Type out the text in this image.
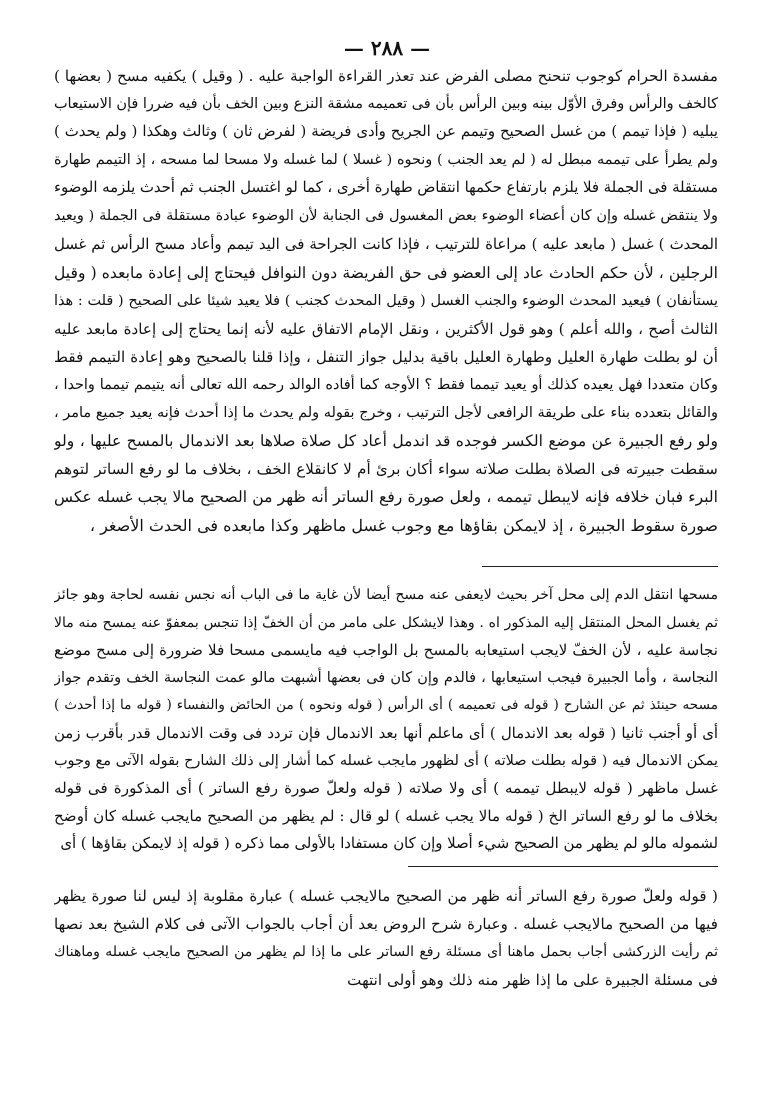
— ٢٨٨ —
مفسدة الحرام كوجوب تنحنح مصلى الفرض عند تعذر القراءة الواجبة عليه . ( وقيل ) يكفيه مسح ( بعضها )
كالخف والرأس وفرق الأوّل بينه وبين الرأس بأن فى تعميمه مشقة النزع وبين الخف بأن فيه ضررا فإن الاستيعاب
يبليه ( فإذا تيمم ) من غسل الصحيح وتيمم عن الجريح وأدى فريضة ( لفرض ثان ) وثالث وهكذا ( ولم يحدث )
ولم يطرأ على تيممه مبطل له ( لم يعد الجنب ) ونحوه ( غسلا ) لما غسله ولا مسحا لما مسحه ، إذ التيمم طهارة
مستقلة فى الجملة فلا يلزم بارتفاع حكمها انتقاض طهارة أخرى ، كما لو اغتسل الجنب ثم أحدث يلزمه الوضوء
ولا ينتقض غسله وإن كان أعضاء الوضوء بعض المغسول فى الجنابة لأن الوضوء عبادة مستقلة فى الجملة ( ويعيد
المحدث ) غسل ( مابعد عليه ) مراعاة للترتيب ، فإذا كانت الجراحة فى اليد تيمم وأعاد مسح الرأس ثم غسل
الرجلين ، لأن حكم الحادث عاد إلى العضو فى حق الفريضة دون النوافل فيحتاج إلى إعادة مابعده ( وقيل
يستأنفان ) فيعيد المحدث الوضوء والجنب الغسل ( وقيل المحدث كجنب ) فلا يعيد شيئا على الصحيح ( قلت : هذا
الثالث أصح ، والله أعلم ) وهو قول الأكثرين ، ونقل الإمام الاتفاق عليه لأنه إنما يحتاج إلى إعادة مابعد عليه
أن لو بطلت طهارة العليل وطهارة العليل باقية بدليل جواز التنفل ، وإذا قلنا بالصحيح وهو إعادة التيمم فقط
وكان متعددا فهل يعيده كذلك أو يعيد تيمما فقط ؟ الأوجه كما أفاده الوالد رحمه الله تعالى أنه يتيمم تيمما واحدا ،
والقائل بتعدده بناء على طريقة الرافعى لأجل الترتيب ، وخرج بقوله ولم يحدث ما إذا أحدث فإنه يعيد جميع مامر ،
ولو رفع الجبيرة عن موضع الكسر فوجده قد اندمل أعاد كل صلاة صلاها بعد الاندمال بالمسح عليها ، ولو
سقطت جبيرته فى الصلاة بطلت صلاته سواء أكان برئ أم لا كانقلاع الخف ، بخلاف ما لو رفع الساتر لتوهم
البرء فبان خلافه فإنه لايبطل تيممه ، ولعل صورة رفع الساتر أنه ظهر من الصحيح مالا يجب غسله عكس
صورة سقوط الجبيرة ، إذ لايمكن بقاؤها مع وجوب غسل ماظهر وكذا مابعده فى الحدث الأصغر ،
مسحها انتقل الدم إلى محل آخر بحيث لايعفى عنه مسح أيضا لأن غاية ما فى الباب أنه نجس نفسه لحاجة وهو جائز
ثم يغسل المحل المنتقل إليه المذكور اه . وهذا لايشكل على مامر من أن الخفّ إذا تنجس بمعفوّ عنه يمسح منه مالا
نجاسة عليه ، لأن الخفّ لايجب استيعابه بالمسح بل الواجب فيه مايسمى مسحا فلا ضرورة إلى مسح موضع
النجاسة ، وأما الجبيرة فيجب استيعابها ، فالدم وإن كان فى بعضها أشبهت مالو عمت النجاسة الخف وتقدم جواز
مسحه حينئذ ثم عن الشارح ( قوله فى تعميمه ) أى الرأس ( قوله ونحوه ) من الحائض والنفساء ( قوله ما إذا أحدث )
أى أو أجنب ثانيا ( قوله بعد الاندمال ) أى ماعلم أنها بعد الاندمال فإن تردد فى وقت الاندمال قدر بأقرب زمن
يمكن الاندمال فيه ( قوله بطلت صلاته ) أى لظهور مايجب غسله كما أشار إلى ذلك الشارح بقوله الآتى مع وجوب
غسل ماظهر ( قوله لايبطل تيممه ) أى ولا صلاته ( قوله ولعلّ صورة رفع الساتر ) أى المذكورة فى قوله
بخلاف ما لو رفع الساتر الخ ( قوله مالا يجب غسله ) لو قال : لم يظهر من الصحيح مايجب غسله كان أوضح
لشموله مالو لم يظهر من الصحيح شيء أصلا وإن كان مستفادا بالأولى مما ذكره ( قوله إذ لايمكن بقاؤها ) أى
( قوله ولعلّ صورة رفع الساتر أنه ظهر من الصحيح مالايجب غسله ) عبارة مقلوبة إذ ليس لنا صورة يظهر
فيها من الصحيح مالايجب غسله . وعبارة شرح الروض بعد أن أجاب بالجواب الآتى فى كلام الشيخ بعد نصها
ثم رأيت الزركشى أجاب بحمل ماهنا أى مسئلة رفع الساتر على ما إذا لم يظهر من الصحيح مايجب غسله وماهناك
فى مسئلة الجبيرة على ما إذا ظهر منه ذلك وهو أولى انتهت
